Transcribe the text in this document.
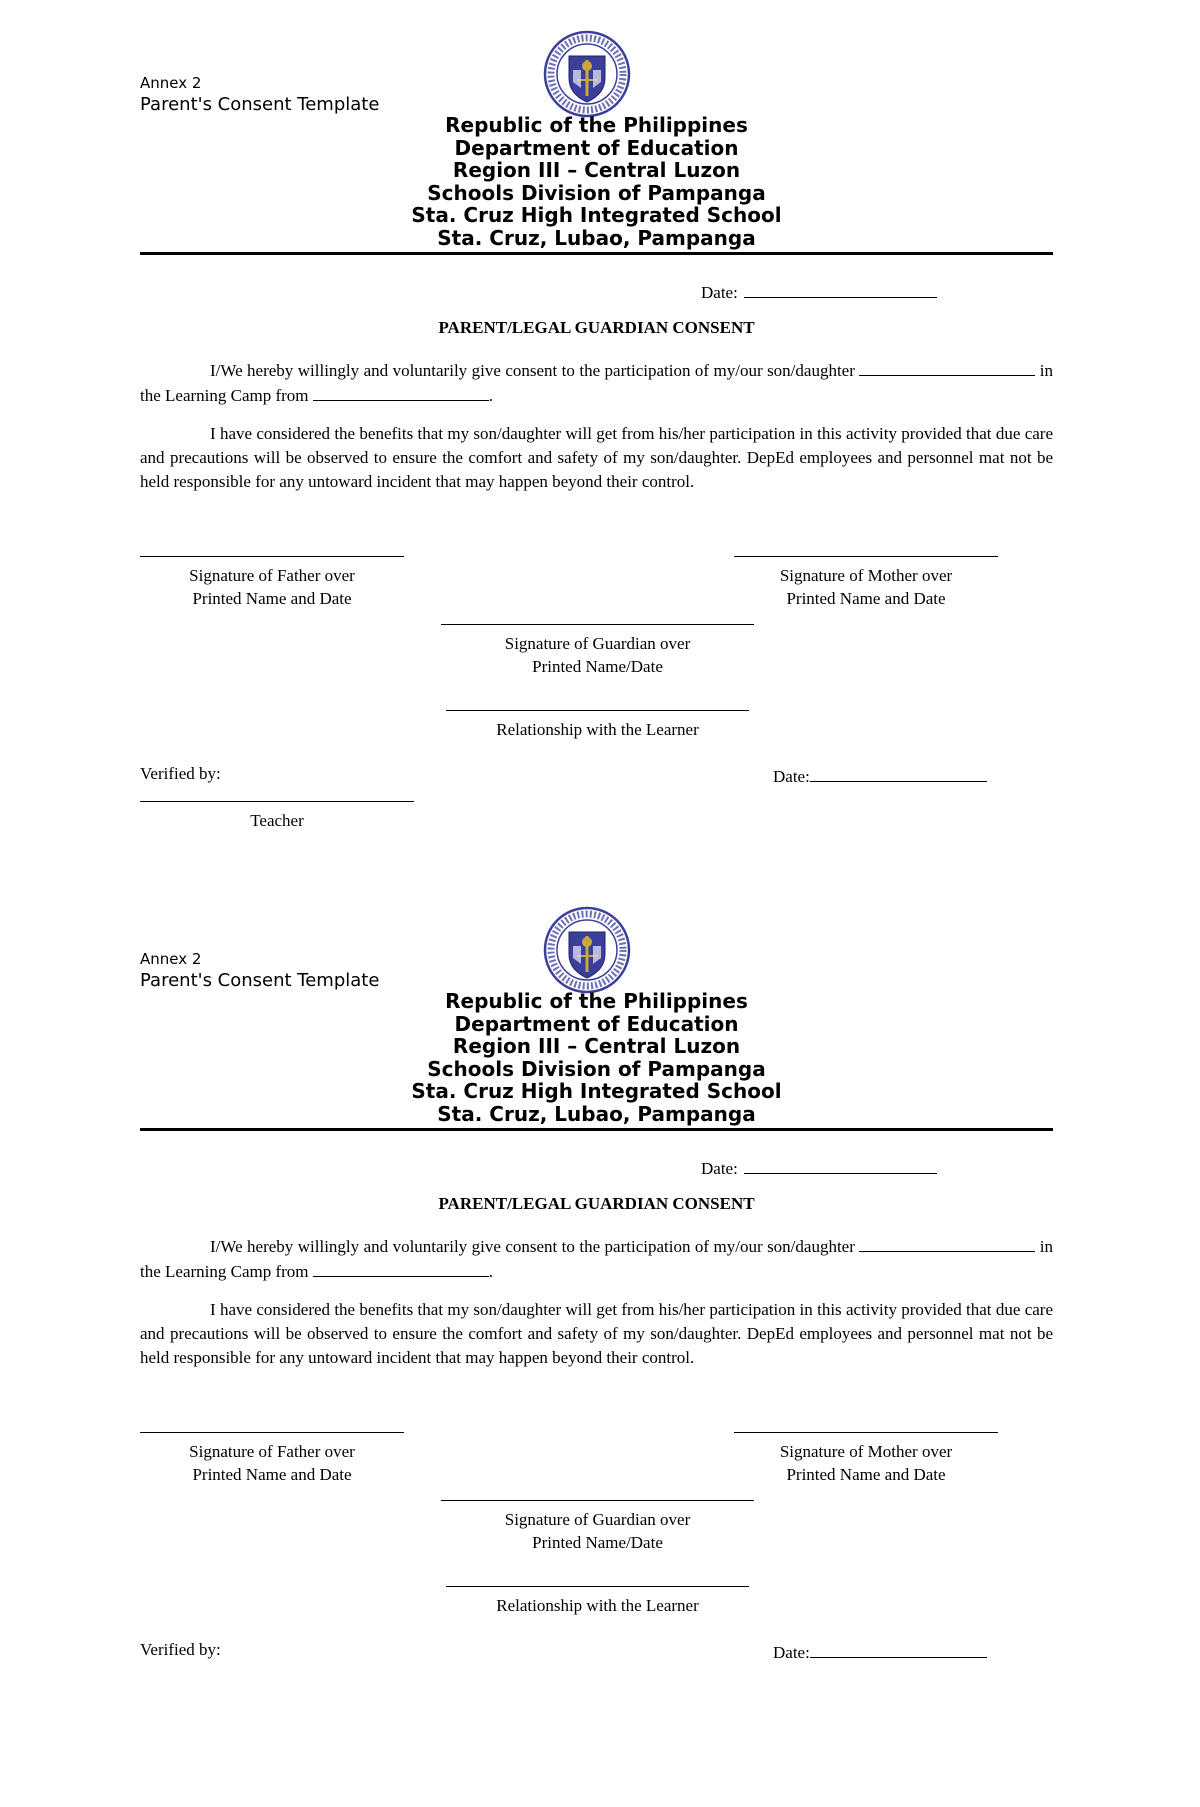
Annex 2
Parent's Consent Template
Republic of the Philippines
Department of Education
Region III – Central Luzon
Schools Division of Pampanga
Sta. Cruz High Integrated School
Sta. Cruz, Lubao, Pampanga
Date:
PARENT/LEGAL GUARDIAN CONSENT
I/We hereby willingly and voluntarily give consent to the participation of my/our son/daughter	in the Learning Camp from	.
I have considered the benefits that my son/daughter will get from his/her participation in this activity provided that due care and precautions will be observed to ensure the comfort and safety of my son/daughter. DepEd employees and personnel mat not be held responsible for any untoward incident that may happen beyond their control.
Signature of Father over
Printed Name and Date
Signature of Mother over
Printed Name and Date
Signature of Guardian over
Printed Name/Date
Relationship with the Learner
Verified by:	Date:
Teacher
Annex 2
Parent's Consent Template
Republic of the Philippines
Department of Education
Region III – Central Luzon
Schools Division of Pampanga
Sta. Cruz High Integrated School
Sta. Cruz, Lubao, Pampanga
Date:
PARENT/LEGAL GUARDIAN CONSENT
I/We hereby willingly and voluntarily give consent to the participation of my/our son/daughter	in the Learning Camp from	.
I have considered the benefits that my son/daughter will get from his/her participation in this activity provided that due care and precautions will be observed to ensure the comfort and safety of my son/daughter. DepEd employees and personnel mat not be held responsible for any untoward incident that may happen beyond their control.
Signature of Father over
Printed Name and Date
Signature of Mother over
Printed Name and Date
Signature of Guardian over
Printed Name/Date
Relationship with the Learner
Verified by:	Date:
